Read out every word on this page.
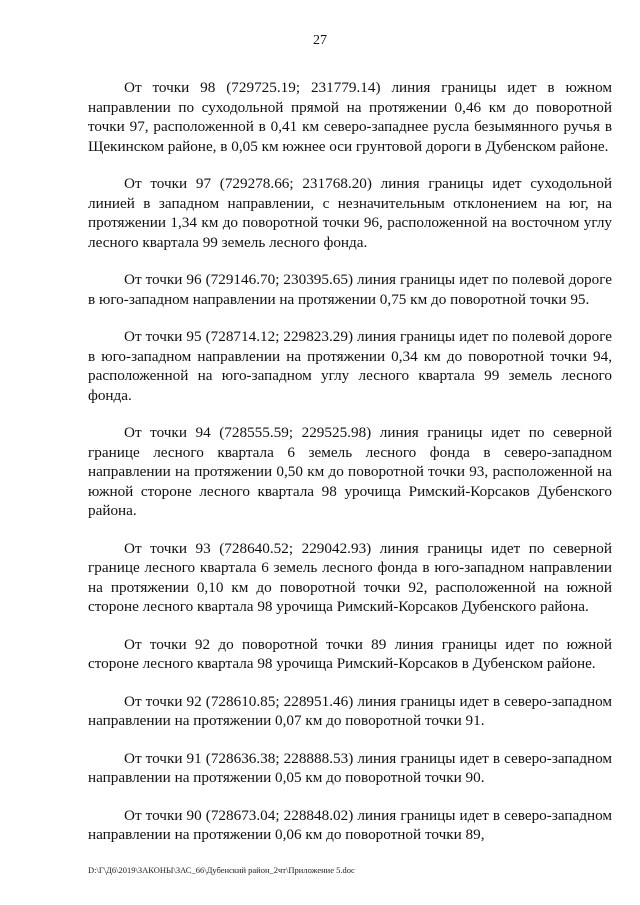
27

От точки 98 (729725.19; 231779.14) линия границы идет в южном направлении по суходольной прямой на протяжении 0,46 км до поворотной точки 97, расположенной в 0,41 км северо-западнее русла безымянного ручья в Щекинском районе, в 0,05 км южнее оси грунтовой дороги в Дубенском районе.

От точки 97 (729278.66; 231768.20) линия границы идет суходольной линией в западном направлении, с незначительным отклонением на юг, на протяжении 1,34 км до поворотной точки 96, расположенной на восточном углу лесного квартала 99 земель лесного фонда.

От точки 96 (729146.70; 230395.65) линия границы идет по полевой дороге в юго-западном направлении на протяжении 0,75 км до поворотной точки 95.

От точки 95 (728714.12; 229823.29) линия границы идет по полевой дороге в юго-западном направлении на протяжении 0,34 км до поворотной точки 94, расположенной на юго-западном углу лесного квартала 99 земель лесного фонда.

От точки 94 (728555.59; 229525.98) линия границы идет по северной границе лесного квартала 6 земель лесного фонда в северо-западном направлении на протяжении 0,50 км до поворотной точки 93, расположенной на южной стороне лесного квартала 98 урочища Римский-Корсаков Дубенского района.

От точки 93 (728640.52; 229042.93) линия границы идет по северной границе лесного квартала 6 земель лесного фонда в юго-западном направлении на протяжении 0,10 км до поворотной точки 92, расположенной на южной стороне лесного квартала 98 урочища Римский-Корсаков Дубенского района.

От точки 92 до поворотной точки 89 линия границы идет по южной стороне лесного квартала 98 урочища Римский-Корсаков в Дубенском районе.

От точки 92 (728610.85; 228951.46) линия границы идет в северо-западном направлении на протяжении 0,07 км до поворотной точки 91.

От точки 91 (728636.38; 228888.53) линия границы идет в северо-западном направлении на протяжении 0,05 км до поворотной точки 90.

От точки 90 (728673.04; 228848.02) линия границы идет в северо-западном направлении на протяжении 0,06 км до поворотной точки 89,

D:\Г\Д6\2019\ЗАКОНЫ\ЗАС_66\Дубенский район_2чт\Приложение 5.doc
